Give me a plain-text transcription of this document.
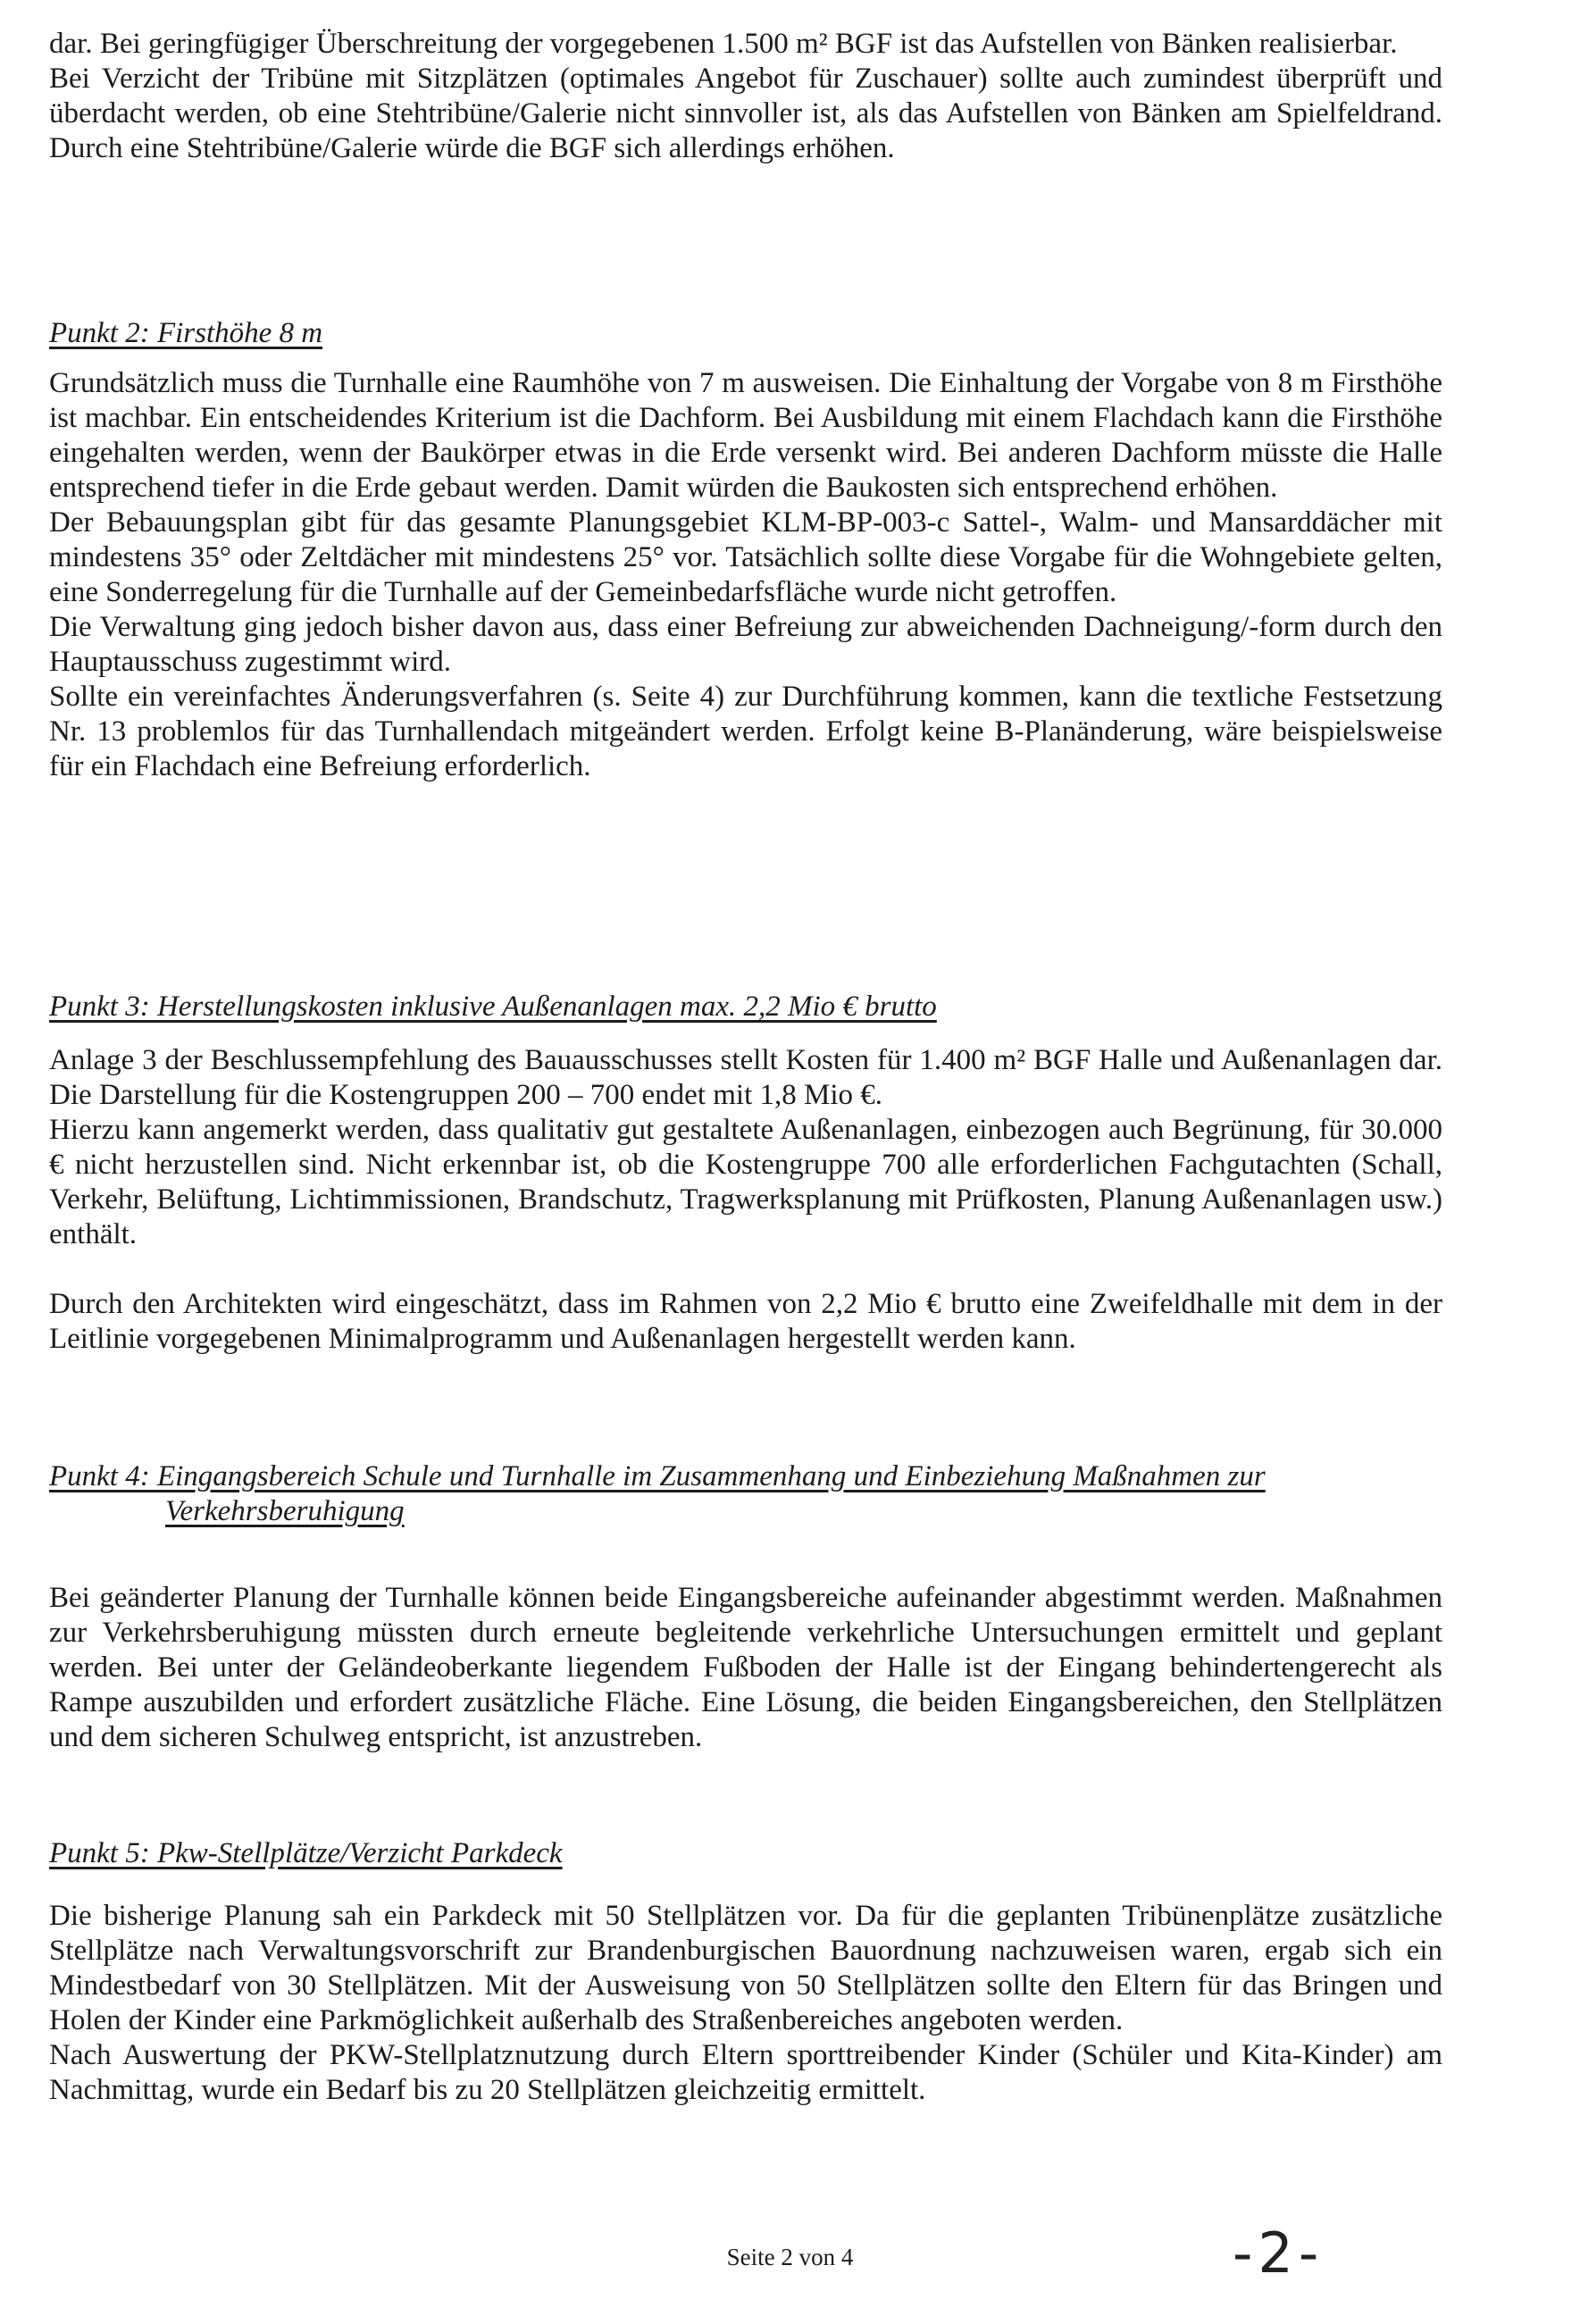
dar. Bei geringfügiger Überschreitung der vorgegebenen 1.500 m² BGF ist das Aufstellen von Bänken realisierbar.

Bei Verzicht der Tribüne mit Sitzplätzen (optimales Angebot für Zuschauer) sollte auch zumindest überprüft und überdacht werden, ob eine Stehtribüne/Galerie nicht sinnvoller ist, als das Aufstellen von Bänken am Spielfeldrand. Durch eine Stehtribüne/Galerie würde die BGF sich allerdings erhöhen.

Punkt 2: Firsthöhe 8 m

Grundsätzlich muss die Turnhalle eine Raumhöhe von 7 m ausweisen. Die Einhaltung der Vorgabe von 8 m Firsthöhe ist machbar. Ein entscheidendes Kriterium ist die Dachform. Bei Ausbildung mit einem Flachdach kann die Firsthöhe eingehalten werden, wenn der Baukörper etwas in die Erde versenkt wird. Bei anderen Dachform müsste die Halle entsprechend tiefer in die Erde gebaut werden. Damit würden die Baukosten sich entsprechend erhöhen.

Der Bebauungsplan gibt für das gesamte Planungsgebiet KLM-BP-003-c Sattel-, Walm- und Mansarddächer mit mindestens 35° oder Zeltdächer mit mindestens 25° vor. Tatsächlich sollte diese Vorgabe für die Wohngebiete gelten, eine Sonderregelung für die Turnhalle auf der Gemeinbedarfsfläche wurde nicht getroffen.

Die Verwaltung ging jedoch bisher davon aus, dass einer Befreiung zur abweichenden Dachneigung/-form durch den Hauptausschuss zugestimmt wird.

Sollte ein vereinfachtes Änderungsverfahren (s. Seite 4) zur Durchführung kommen, kann die textliche Festsetzung Nr. 13 problemlos für das Turnhallendach mitgeändert werden. Erfolgt keine B-Planänderung, wäre beispielsweise für ein Flachdach eine Befreiung erforderlich.

Punkt 3: Herstellungskosten inklusive Außenanlagen max. 2,2 Mio € brutto

Anlage 3 der Beschlussempfehlung des Bauausschusses stellt Kosten für 1.400 m² BGF Halle und Außenanlagen dar. Die Darstellung für die Kostengruppen 200 – 700 endet mit 1,8 Mio €.

Hierzu kann angemerkt werden, dass qualitativ gut gestaltete Außenanlagen, einbezogen auch Begrünung, für 30.000 € nicht herzustellen sind. Nicht erkennbar ist, ob die Kostengruppe 700 alle erforderlichen Fachgutachten (Schall, Verkehr, Belüftung, Lichtimmissionen, Brandschutz, Tragwerksplanung mit Prüfkosten, Planung Außenanlagen usw.) enthält.

Durch den Architekten wird eingeschätzt, dass im Rahmen von 2,2 Mio € brutto eine Zweifeldhalle mit dem in der Leitlinie vorgegebenen Minimalprogramm und Außenanlagen hergestellt werden kann.

Punkt 4: Eingangsbereich Schule und Turnhalle im Zusammenhang und Einbeziehung Maßnahmen zur
Verkehrsberuhigung

Bei geänderter Planung der Turnhalle können beide Eingangsbereiche aufeinander abgestimmt werden. Maßnahmen zur Verkehrsberuhigung müssten durch erneute begleitende verkehrliche Untersuchungen ermittelt und geplant werden. Bei unter der Geländeoberkante liegendem Fußboden der Halle ist der Eingang behindertengerecht als Rampe auszubilden und erfordert zusätzliche Fläche. Eine Lösung, die beiden Eingangsbereichen, den Stellplätzen und dem sicheren Schulweg entspricht, ist anzustreben.

Punkt 5: Pkw-Stellplätze/Verzicht Parkdeck

Die bisherige Planung sah ein Parkdeck mit 50 Stellplätzen vor. Da für die geplanten Tribünenplätze zusätzliche Stellplätze nach Verwaltungsvorschrift zur Brandenburgischen Bauordnung nachzuweisen waren, ergab sich ein Mindestbedarf von 30 Stellplätzen. Mit der Ausweisung von 50 Stellplätzen sollte den Eltern für das Bringen und Holen der Kinder eine Parkmöglichkeit außerhalb des Straßenbereiches angeboten werden.

Nach Auswertung der PKW-Stellplatznutzung durch Eltern sporttreibender Kinder (Schüler und Kita-Kinder) am Nachmittag, wurde ein Bedarf bis zu 20 Stellplätzen gleichzeitig ermittelt.

Seite 2 von 4	-2-
